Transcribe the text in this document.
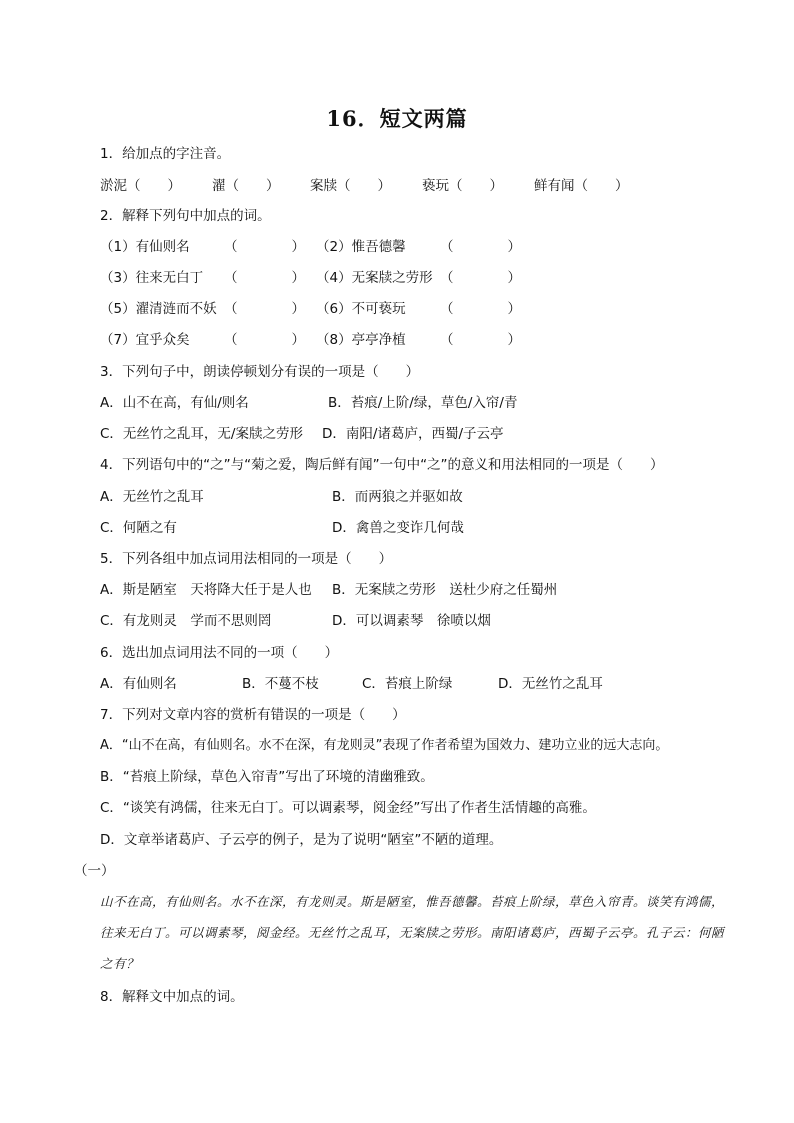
16．短文两篇
1．给加点的字注音。
淤泥（　　） 濯（　　） 案牍（　　） 亵玩（　　） 鲜有闻（　　）
2．解释下列句中加点的词。
（1）有仙则名	（　　　　） （2）惟吾德馨	（　　　　）
（3）往来无白丁 （　　　　） （4）无案牍之劳形 （　　　　）
（5）濯清涟而不妖 （　　　　） （6）不可亵玩	（　　　　）
（7）宜乎众矣	（　　　　） （8）亭亭净植	（　　　　）
3．下列句子中，朗读停顿划分有误的一项是（　　）
A．山不在高，有仙/则名	B．苔痕/上阶/绿，草色/入帘/青
C．无丝竹之乱耳，无/案牍之劳形 D．南阳/诸葛庐，西蜀/子云亭
4．下列语句中的“之”与“菊之爱，陶后鲜有闻”一句中“之”的意义和用法相同的一项是（　　）
A．无丝竹之乱耳	B．而两狼之并驱如故
C．何陋之有	D．禽兽之变诈几何哉
5．下列各组中加点词用法相同的一项是（　　）
A．斯是陋室　天将降大任于是人也 B．无案牍之劳形　送杜少府之任蜀州
C．有龙则灵　学而不思则罔	D．可以调素琴　徐喷以烟
6．选出加点词用法不同的一项（　　）
A．有仙则名	B．不蔓不枝	C．苔痕上阶绿	D．无丝竹之乱耳
7．下列对文章内容的赏析有错误的一项是（　　）
A．“山不在高，有仙则名。水不在深，有龙则灵”表现了作者希望为国效力、建功立业的远大志向。
B．“苔痕上阶绿，草色入帘青”写出了环境的清幽雅致。
C．“谈笑有鸿儒，往来无白丁。可以调素琴，阅金经”写出了作者生活情趣的高雅。
D．文章举诸葛庐、子云亭的例子，是为了说明“陋室”不陋的道理。
（一）
山不在高，有仙则名。水不在深，有龙则灵。斯是陋室，惟吾德馨。苔痕上阶绿，草色入帘青。谈笑有鸿儒，往来无白丁。可以调素琴，阅金经。无丝竹之乱耳，无案牍之劳形。南阳诸葛庐，西蜀子云亭。孔子云：何陋之有？
8．解释文中加点的词。
